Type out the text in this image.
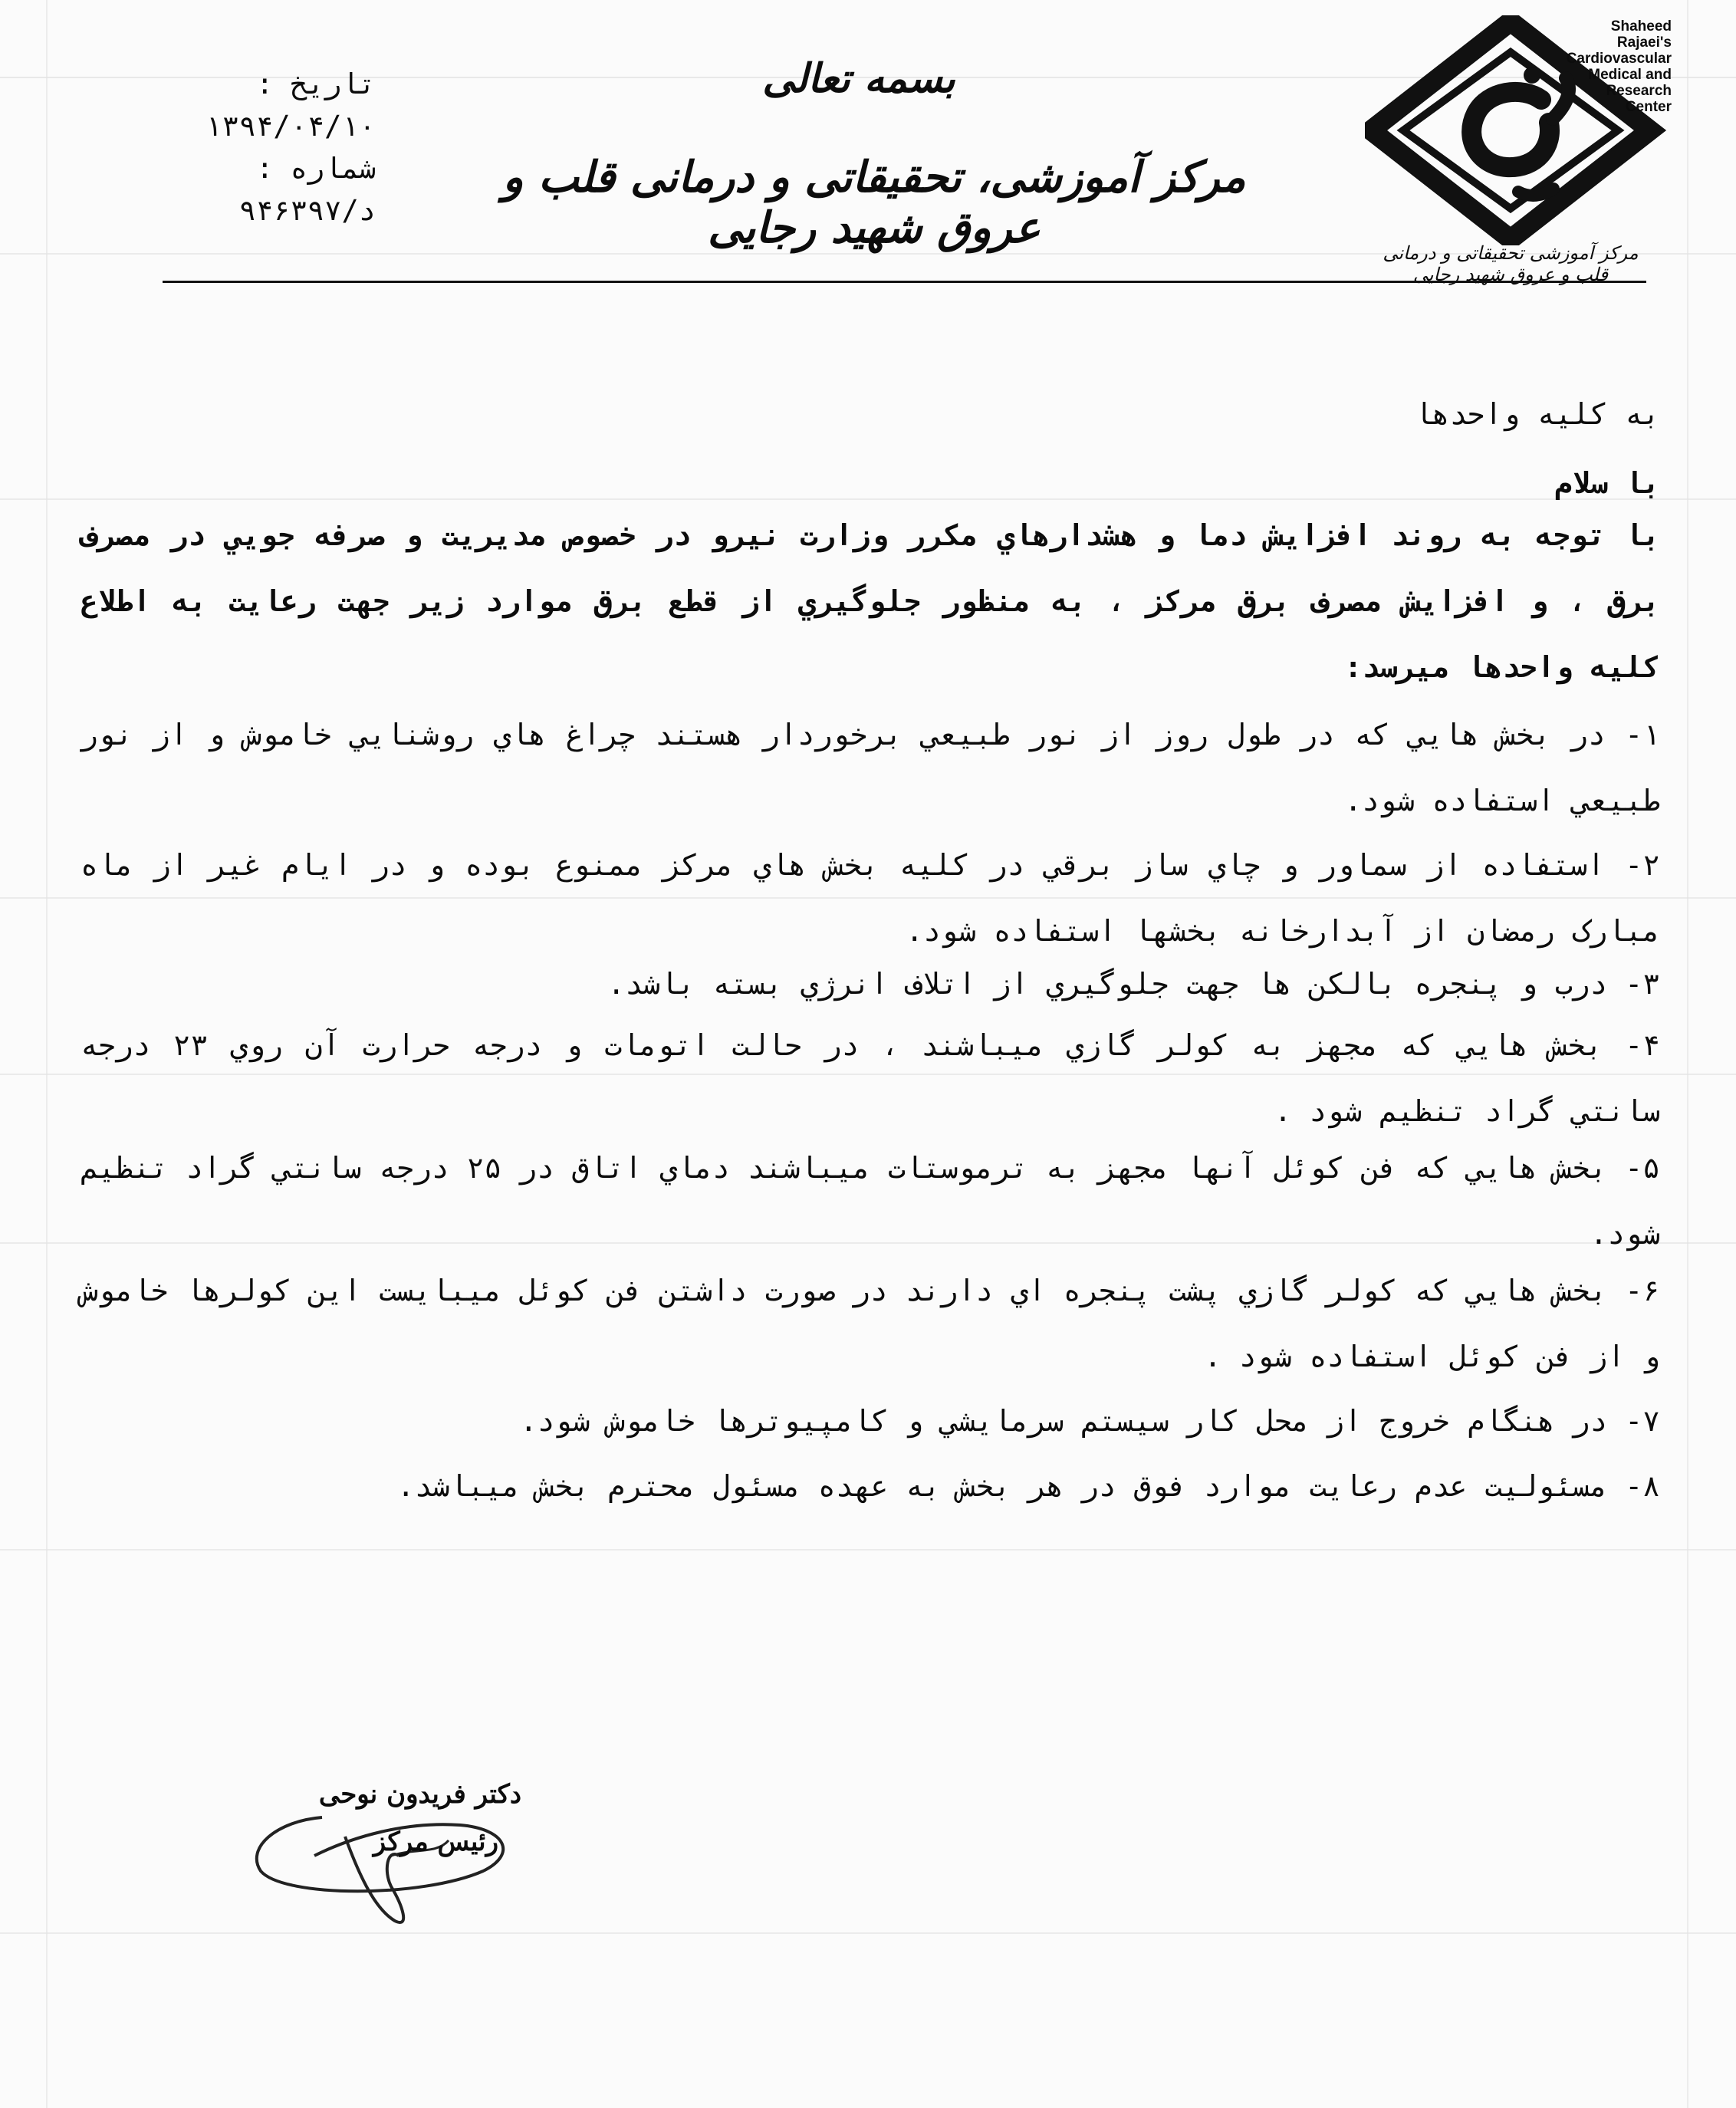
Shaheed Rajaei's
Cardiovascular
Medical and
Research
Center
مرکز آموزشی تحقیقاتی و درمانی قلب و عروق شهید رجایی
بسمه تعالی
مرکز آموزشی، تحقیقاتی و درمانی قلب و عروق شهید رجایی
تاریخ :
۱۳۹۴/۰۴/۱۰
شماره :
۹۴د/۶۳۹۷
به کلیه واحدها
با سلام
با توجه به روند افزایش دما و هشدارهاي مکرر وزارت نیرو در خصوص مدیریت و صرفه جویي در مصرف برق ، و افزایش مصرف برق مرکز ، به منظور جلوگیري از قطع برق موارد زیر جهت رعایت به اطلاع کلیه واحدها میرسد:
۱- در بخش هایي که در طول روز از نور طبیعي برخوردار هستند چراغ هاي روشنایي خاموش و از نور طبیعي استفاده شود.
۲- استفاده از سماور و چاي ساز برقي در کلیه بخش هاي مرکز ممنوع بوده و در ایام غیر از ماه مبارک رمضان از آبدارخانه بخشها استفاده شود.
۳- درب و پنجره بالکن ها جهت جلوگیري از اتلاف انرژي بسته باشد.
۴- بخش هایي که مجهز به کولر گازي میباشند ، در حالت اتومات و درجه حرارت آن روي ۲۳ درجه سانتي گراد تنظیم شود .
۵- بخش هایي که فن کوئل آنها مجهز به ترموستات میباشند دماي اتاق در ۲۵ درجه سانتي گراد تنظیم شود.
۶- بخش هایي که کولر گازي پشت پنجره اي دارند در صورت داشتن فن کوئل میبایست این کولرها خاموش و از فن کوئل استفاده شود .
۷- در هنگام خروج از محل کار سیستم سرمایشي و کامپیوترها خاموش شود.
۸- مسئولیت عدم رعایت موارد فوق در هر بخش به عهده مسئول محترم بخش میباشد.
دکتر فریدون نوحی
رئیس مرکز
